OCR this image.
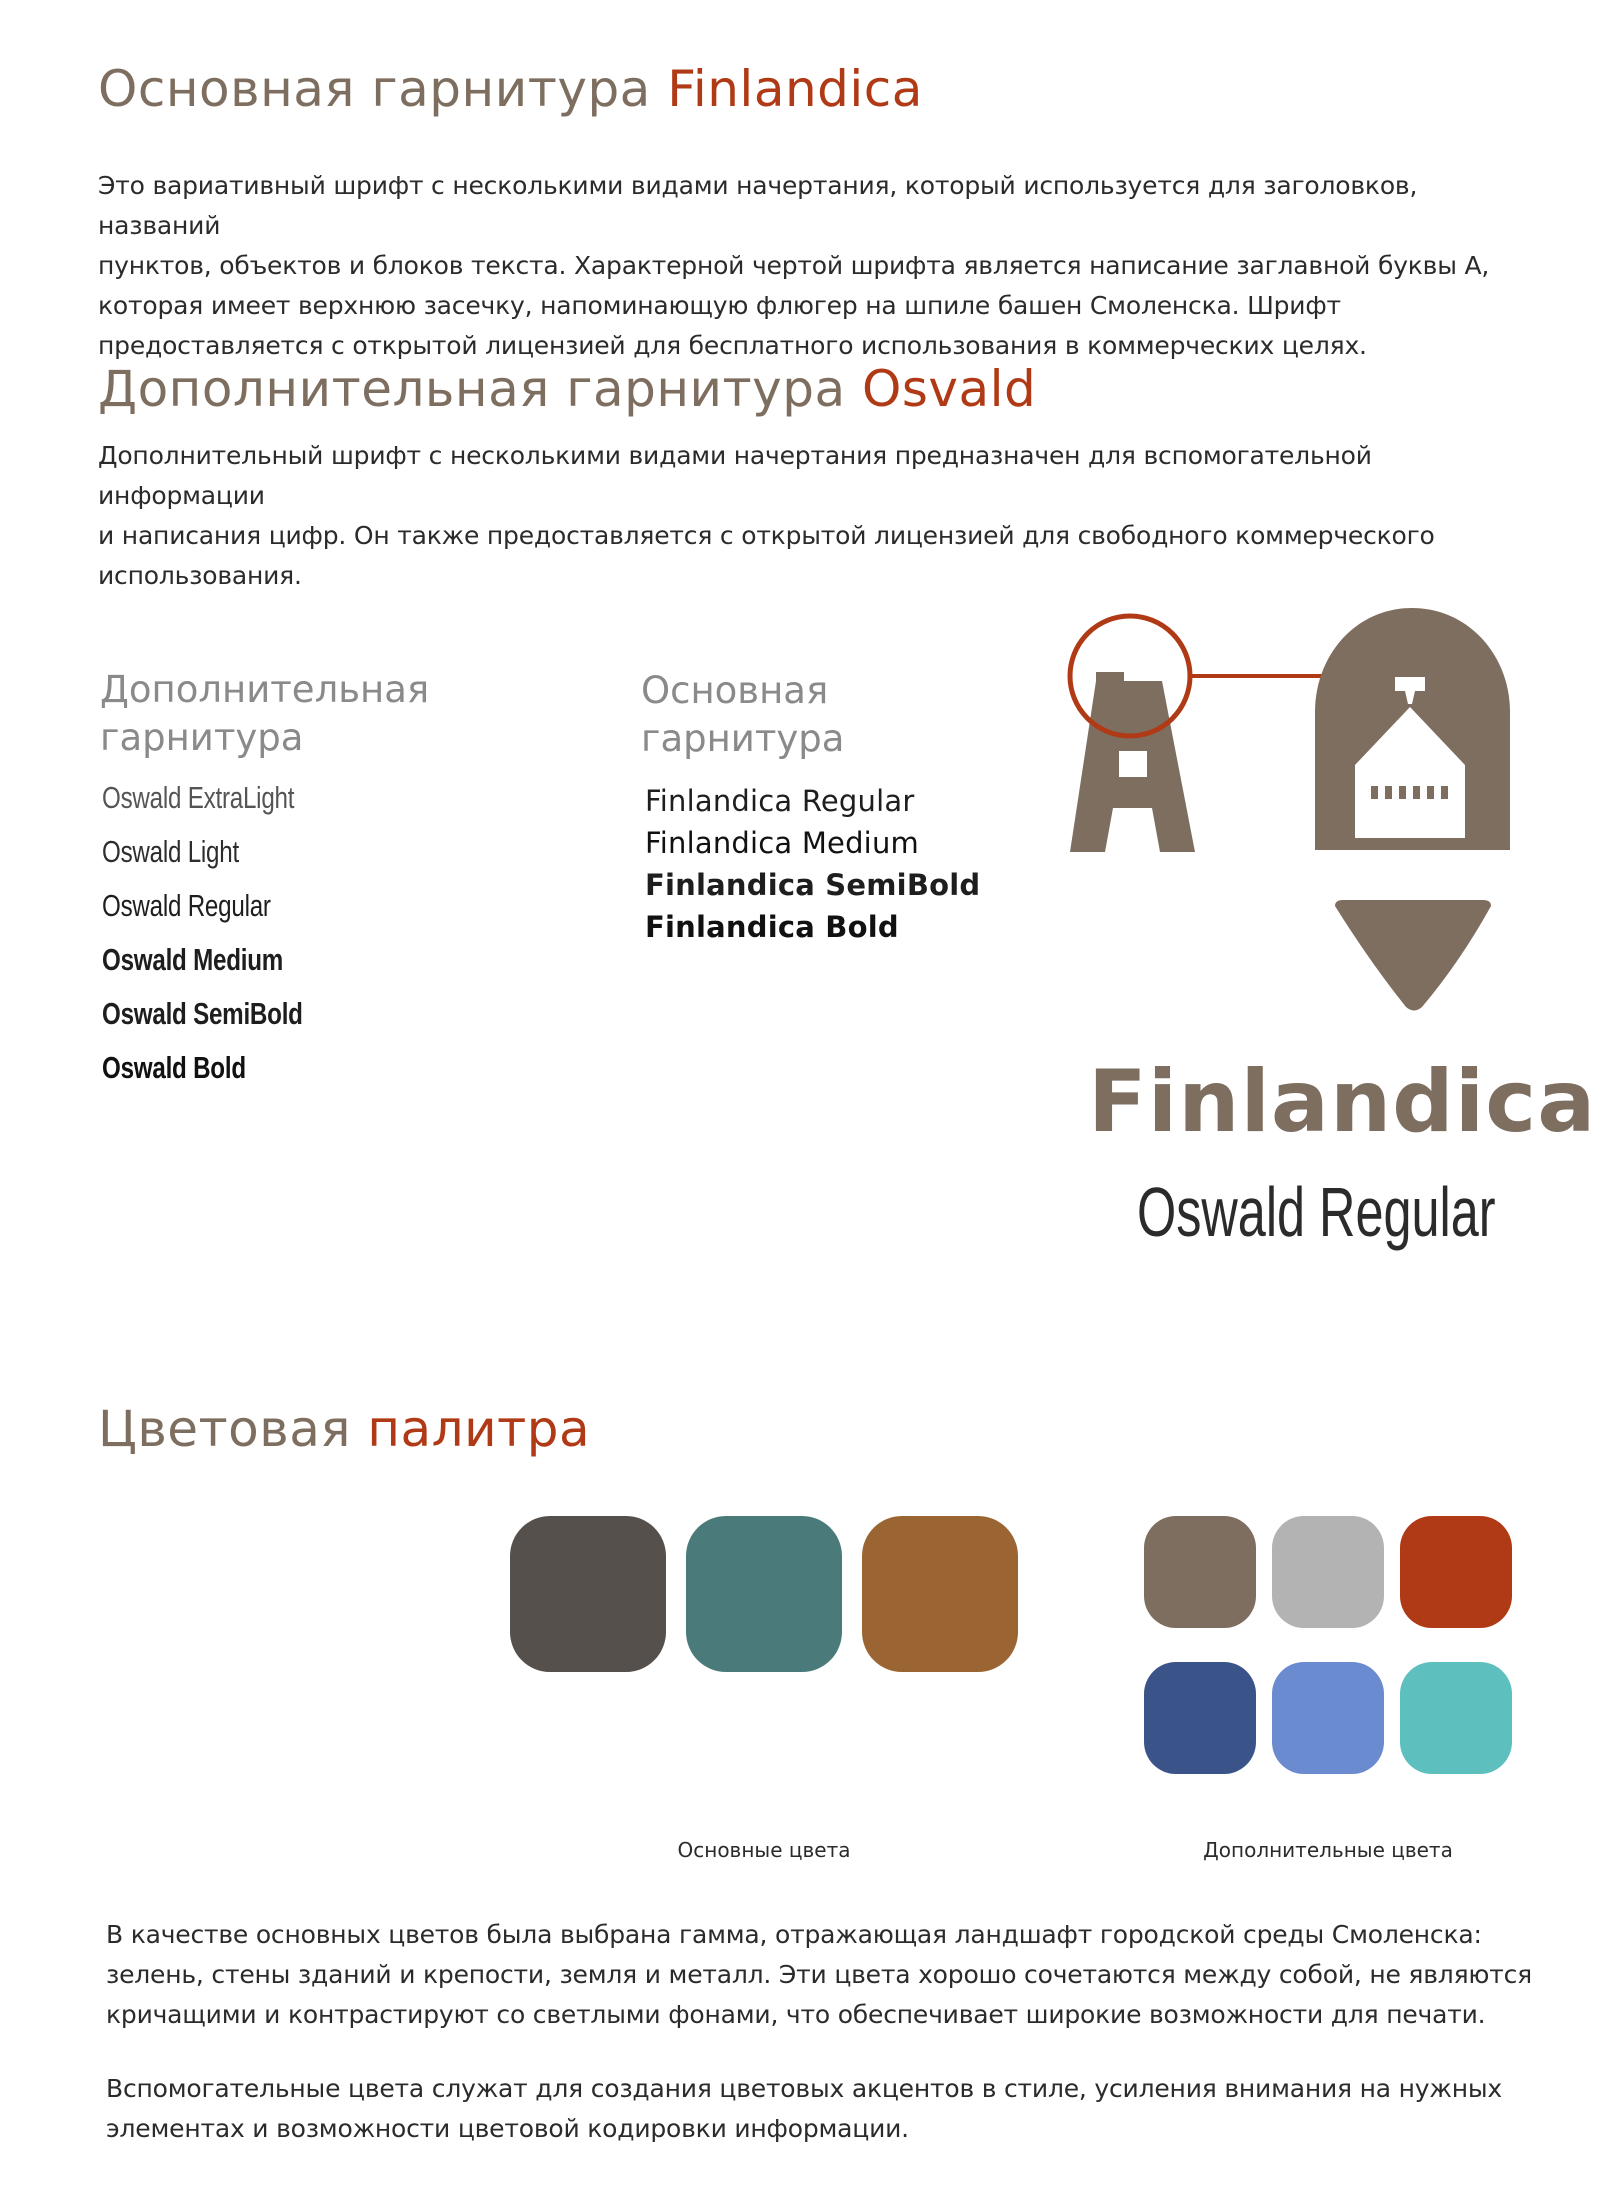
Основная гарнитура Finlandica
Это вариативный шрифт с несколькими видами начертания, который используется для заголовков, названий
пунктов, объектов и блоков текста. Характерной чертой шрифта является написание заглавной буквы А,
которая имеет верхнюю засечку, напоминающую флюгер на шпиле башен Смоленска. Шрифт
предоставляется с открытой лицензией для бесплатного использования в коммерческих целях.
Дополнительная гарнитура Osvald
Дополнительный шрифт с несколькими видами начертания предназначен для вспомогательной информации
и написания цифр. Он также предоставляется с открытой лицензией для свободного коммерческого
использования.
Дополнительная
гарнитура
Oswald ExtraLight
Oswald Light
Oswald Regular
Oswald Medium
Oswald SemiBold
Oswald Bold
Основная
гарнитура
Finlandica Regular
Finlandica Medium
Finlandica SemiBold
Finlandica Bold
Finlandica
Oswald Regular
Цветовая палитра
Основные цвета	Дополнительные цвета
В качестве основных цветов была выбрана гамма, отражающая ландшафт городской среды Смоленска:
зелень, стены зданий и крепости, земля и металл. Эти цвета хорошо сочетаются между собой, не являются
кричащими и контрастируют со светлыми фонами, что обеспечивает широкие возможности для печати.
Вспомогательные цвета служат для создания цветовых акцентов в стиле, усиления внимания на нужных
элементах и возможности цветовой кодировки информации.
